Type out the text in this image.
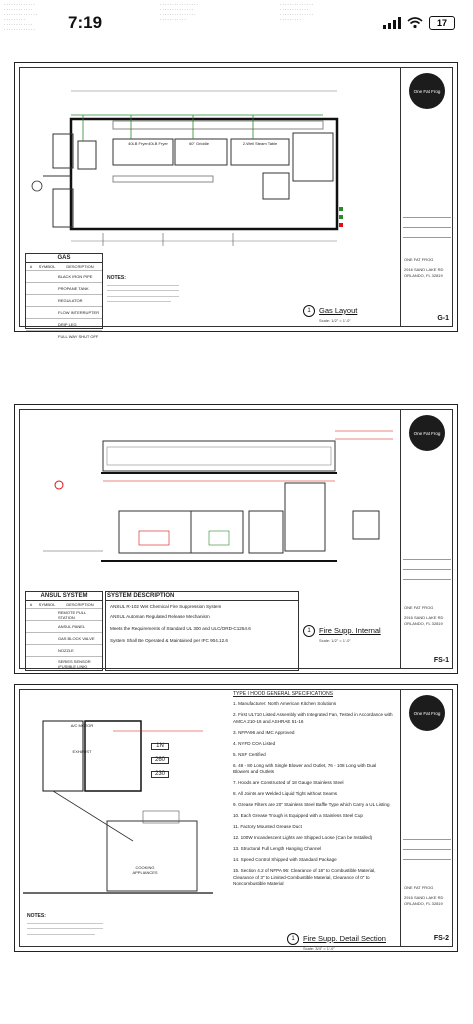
· · · · · · · · · · · · ·
· · · · · · · · · · · ·
· · · · · · · · · · · · · ·
· · · · · · · · ·
· · · · · · · · · · · ·
· · · · · · · · · · · · ·
· · · · · · · · · · · · · · · ·
· · · · · · · · · · · · · ·
· · · · · · · · · · · · · · ·
· · · · · · · · · · ·
· · · · · · · · · · · · · ·
· · · · · · · · · · · ·
· · · · · · · · · · · · · ·
· · · · · · · · ·
7:19	17
40LB Fryer 40LB Fryer	60" Griddle	2-Well Steam Table
GAS
#	SYMBOL	DESCRIPTION
BLACK IRON PIPE
PROPANE TANK
REGULATOR
FLOW INTERRUPTER
DRIP LEG
FULL WAY SHUT OFF
NOTES:
——————————————————
——————————————————
——————————————————
————————————————
1 Gas Layout
Scale: 1/2" = 1'-0"
One Fat Frog
ONE FAT FROG
2916 SAND LAKE RD
ORLANDO, FL 32819
G-1
ANSUL SYSTEM
#	SYMBOL	DESCRIPTION
REMOTE PULL STATION
ANSUL PANEL
GAS BLOCK VALVE
NOZZLE
SERIES SENSOR (FUSIBLE LINK)
SYSTEM DESCRIPTION
ANSUL R-102 Wet Chemical Fire Suppression System
ANSUL Automan Regulated Release Mechanism
Meets the Requirements of Standard UL 300 and ULC/ORD-C1254.6
System Shall Be Operated & Maintained per IFC 904.12.6
1 Fire Supp. Internal
Scale: 1/2" = 1'-0"
One Fat Frog
ONE FAT FROG
2916 SAND LAKE RD
ORLANDO, FL 32819
FS-1
A/C MOTOR
EXHAUST
COOKING APPLIANCES
1N
260
230
NOTES:
———————————————————
———————————————————
—————————————————
TYPE I HOOD GENERAL SPECIFICATIONS
1. Manufacturer: North American Kitchen Solutions
2. First UL710 Listed Assembly with Integrated Fan, Tested in Accordance with AMCA 210-16 and ASHRAE 51-16
3. NFPA96 and IMC Approved
4. NYFD COA Listed
5. NSF Certified
6. 48 - 80 Long with Single Blower and Outlet, 76 - 108 Long with Dual Blowers and Outlets
7. Hoods are Constructed of 18 Gauge Stainless Steel
8. All Joints are Welded Liquid Tight without Seams
9. Grease Filters are 20" Stainless Steel Baffle Type which Carry a UL Listing
10. Each Grease Trough is Equipped with a Stainless Steel Cup
11. Factory Mounted Grease Duct
12. 100W Incandescent Lights are Shipped Loose (Can be Installed)
13. Structural Full Length Hanging Channel
14. Speed Control Shipped with Standard Package
15. Section 4.2 of NFPA 96: Clearance of 18" to Combustible Material, Clearance of 3" to Limited-Combustible Material, Clearance of 0" to Noncombustible Material
1 Fire Supp. Detail Section
Scale: 3/4" = 1'-0"
One Fat Frog
ONE FAT FROG
2916 SAND LAKE RD
ORLANDO, FL 32819
FS-2
